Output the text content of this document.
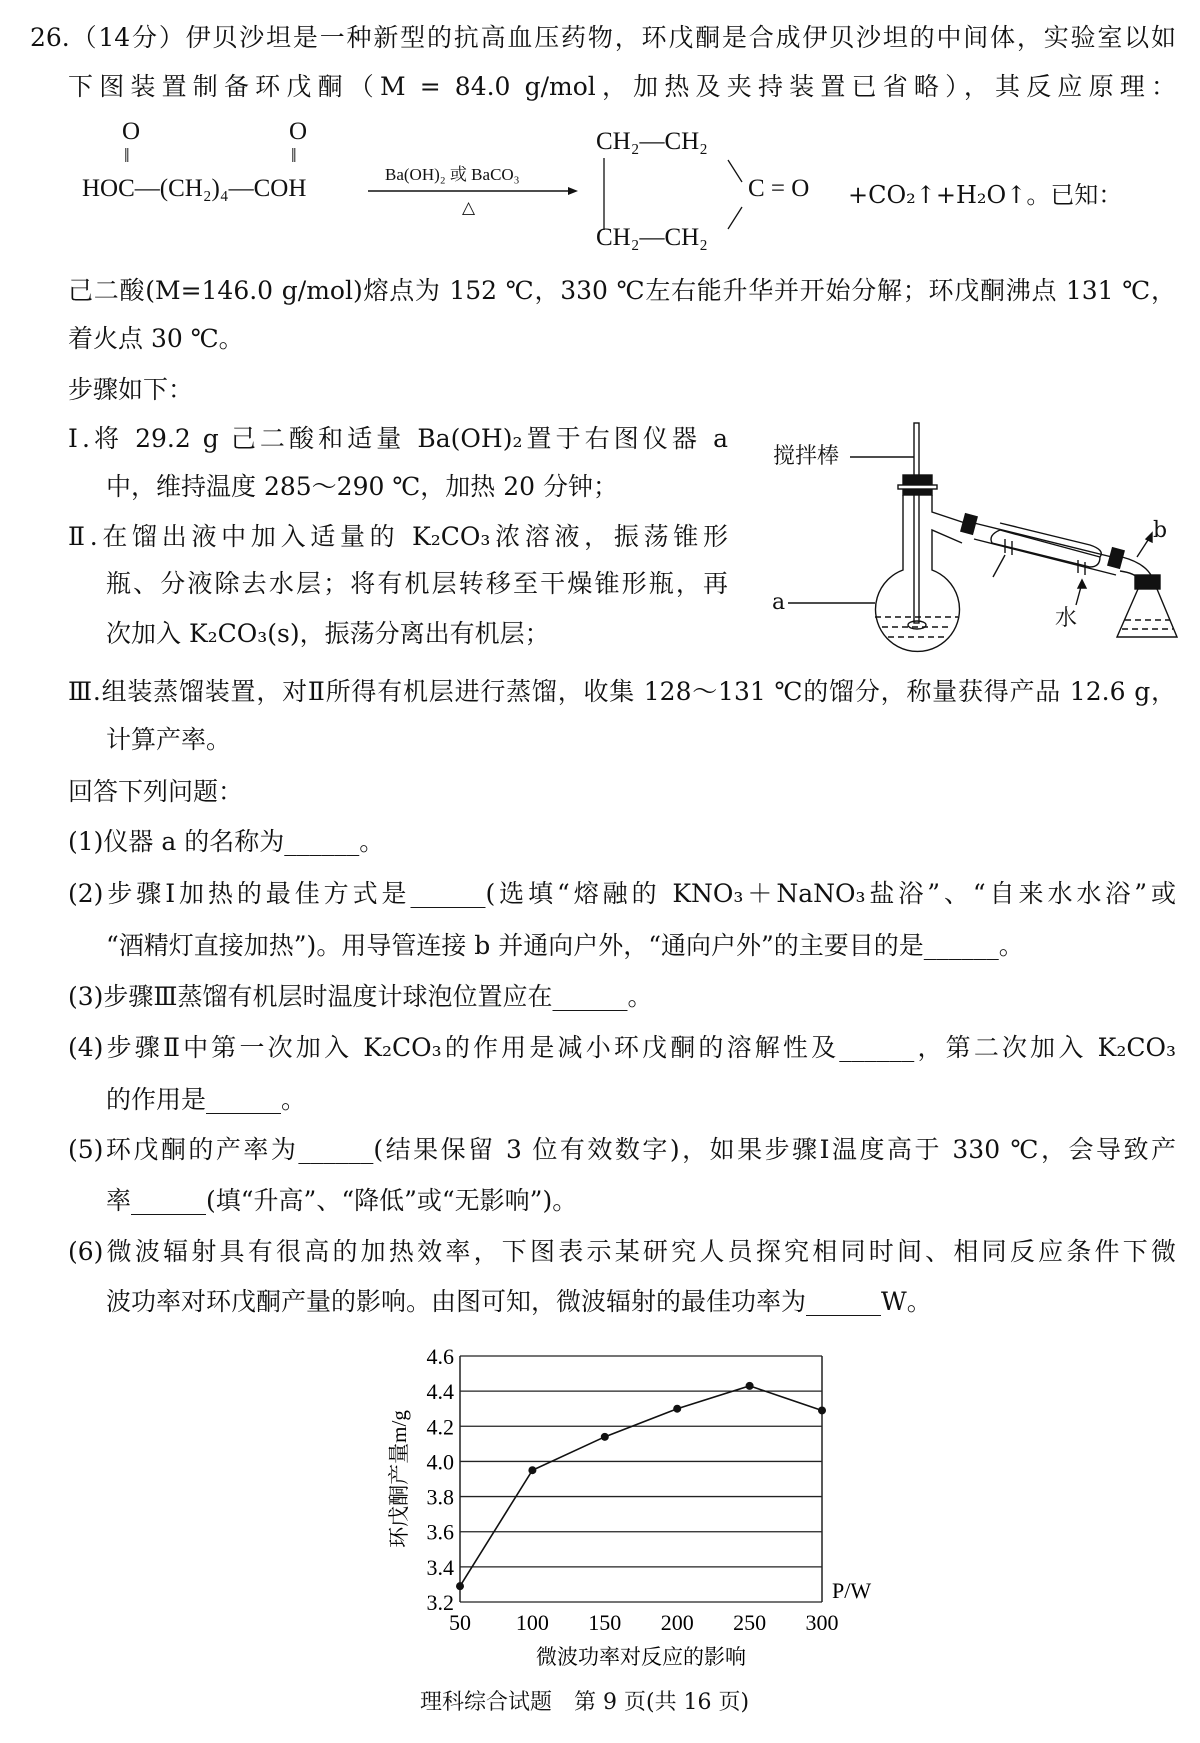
26.（14分）伊贝沙坦是一种新型的抗高血压药物，环戊酮是合成伊贝沙坦的中间体，实验室以如
下图装置制备环戊酮（M = 84.0 g/mol，加热及夹持装置已省略），其反应原理：
O
‖
O
‖
HOC—(CH₂)₄—COH
Ba(OH)₂ 或 BaCO₃
△
CH₂—CH₂
CH₂—CH₂
C = O +CO₂↑+H₂O↑。已知：
己二酸(M=146.0 g/mol)熔点为 152 ℃，330 ℃左右能升华并开始分解；环戊酮沸点 131 ℃，
着火点 30 ℃。
步骤如下：
Ⅰ.将 29.2 g 己二酸和适量 Ba(OH)₂置于右图仪器 a
中，维持温度 285～290 ℃，加热 20 分钟；
Ⅱ.在馏出液中加入适量的 K₂CO₃浓溶液，振荡锥形
瓶、分液除去水层；将有机层转移至干燥锥形瓶，再
次加入 K₂CO₃(s)，振荡分离出有机层；
Ⅲ.组装蒸馏装置，对Ⅱ所得有机层进行蒸馏，收集 128～131 ℃的馏分，称量获得产品 12.6 g，
计算产率。
搅拌棒
a
b
水
回答下列问题：
(1)仪器 a 的名称为______。
(2)步骤Ⅰ加热的最佳方式是______(选填“熔融的 KNO₃＋NaNO₃盐浴”、“自来水水浴”或
“酒精灯直接加热”)。用导管连接 b 并通向户外，“通向户外”的主要目的是______。
(3)步骤Ⅲ蒸馏有机层时温度计球泡位置应在______。
(4)步骤Ⅱ中第一次加入 K₂CO₃的作用是减小环戊酮的溶解性及______，第二次加入 K₂CO₃
的作用是______。
(5)环戊酮的产率为______(结果保留 3 位有效数字)，如果步骤Ⅰ温度高于 330 ℃，会导致产
率______(填“升高”、“降低”或“无影响”)。
(6)微波辐射具有很高的加热效率，下图表示某研究人员探究相同时间、相同反应条件下微
波功率对环戊酮产量的影响。由图可知，微波辐射的最佳功率为______W。
3.2
3.4
3.6
3.8
4.0
4.2
4.4
4.6
50 100 150 200 250 300
P/W
环戊酮产量m/g
微波功率对反应的影响
理科综合试题　第 9 页(共 16 页)
